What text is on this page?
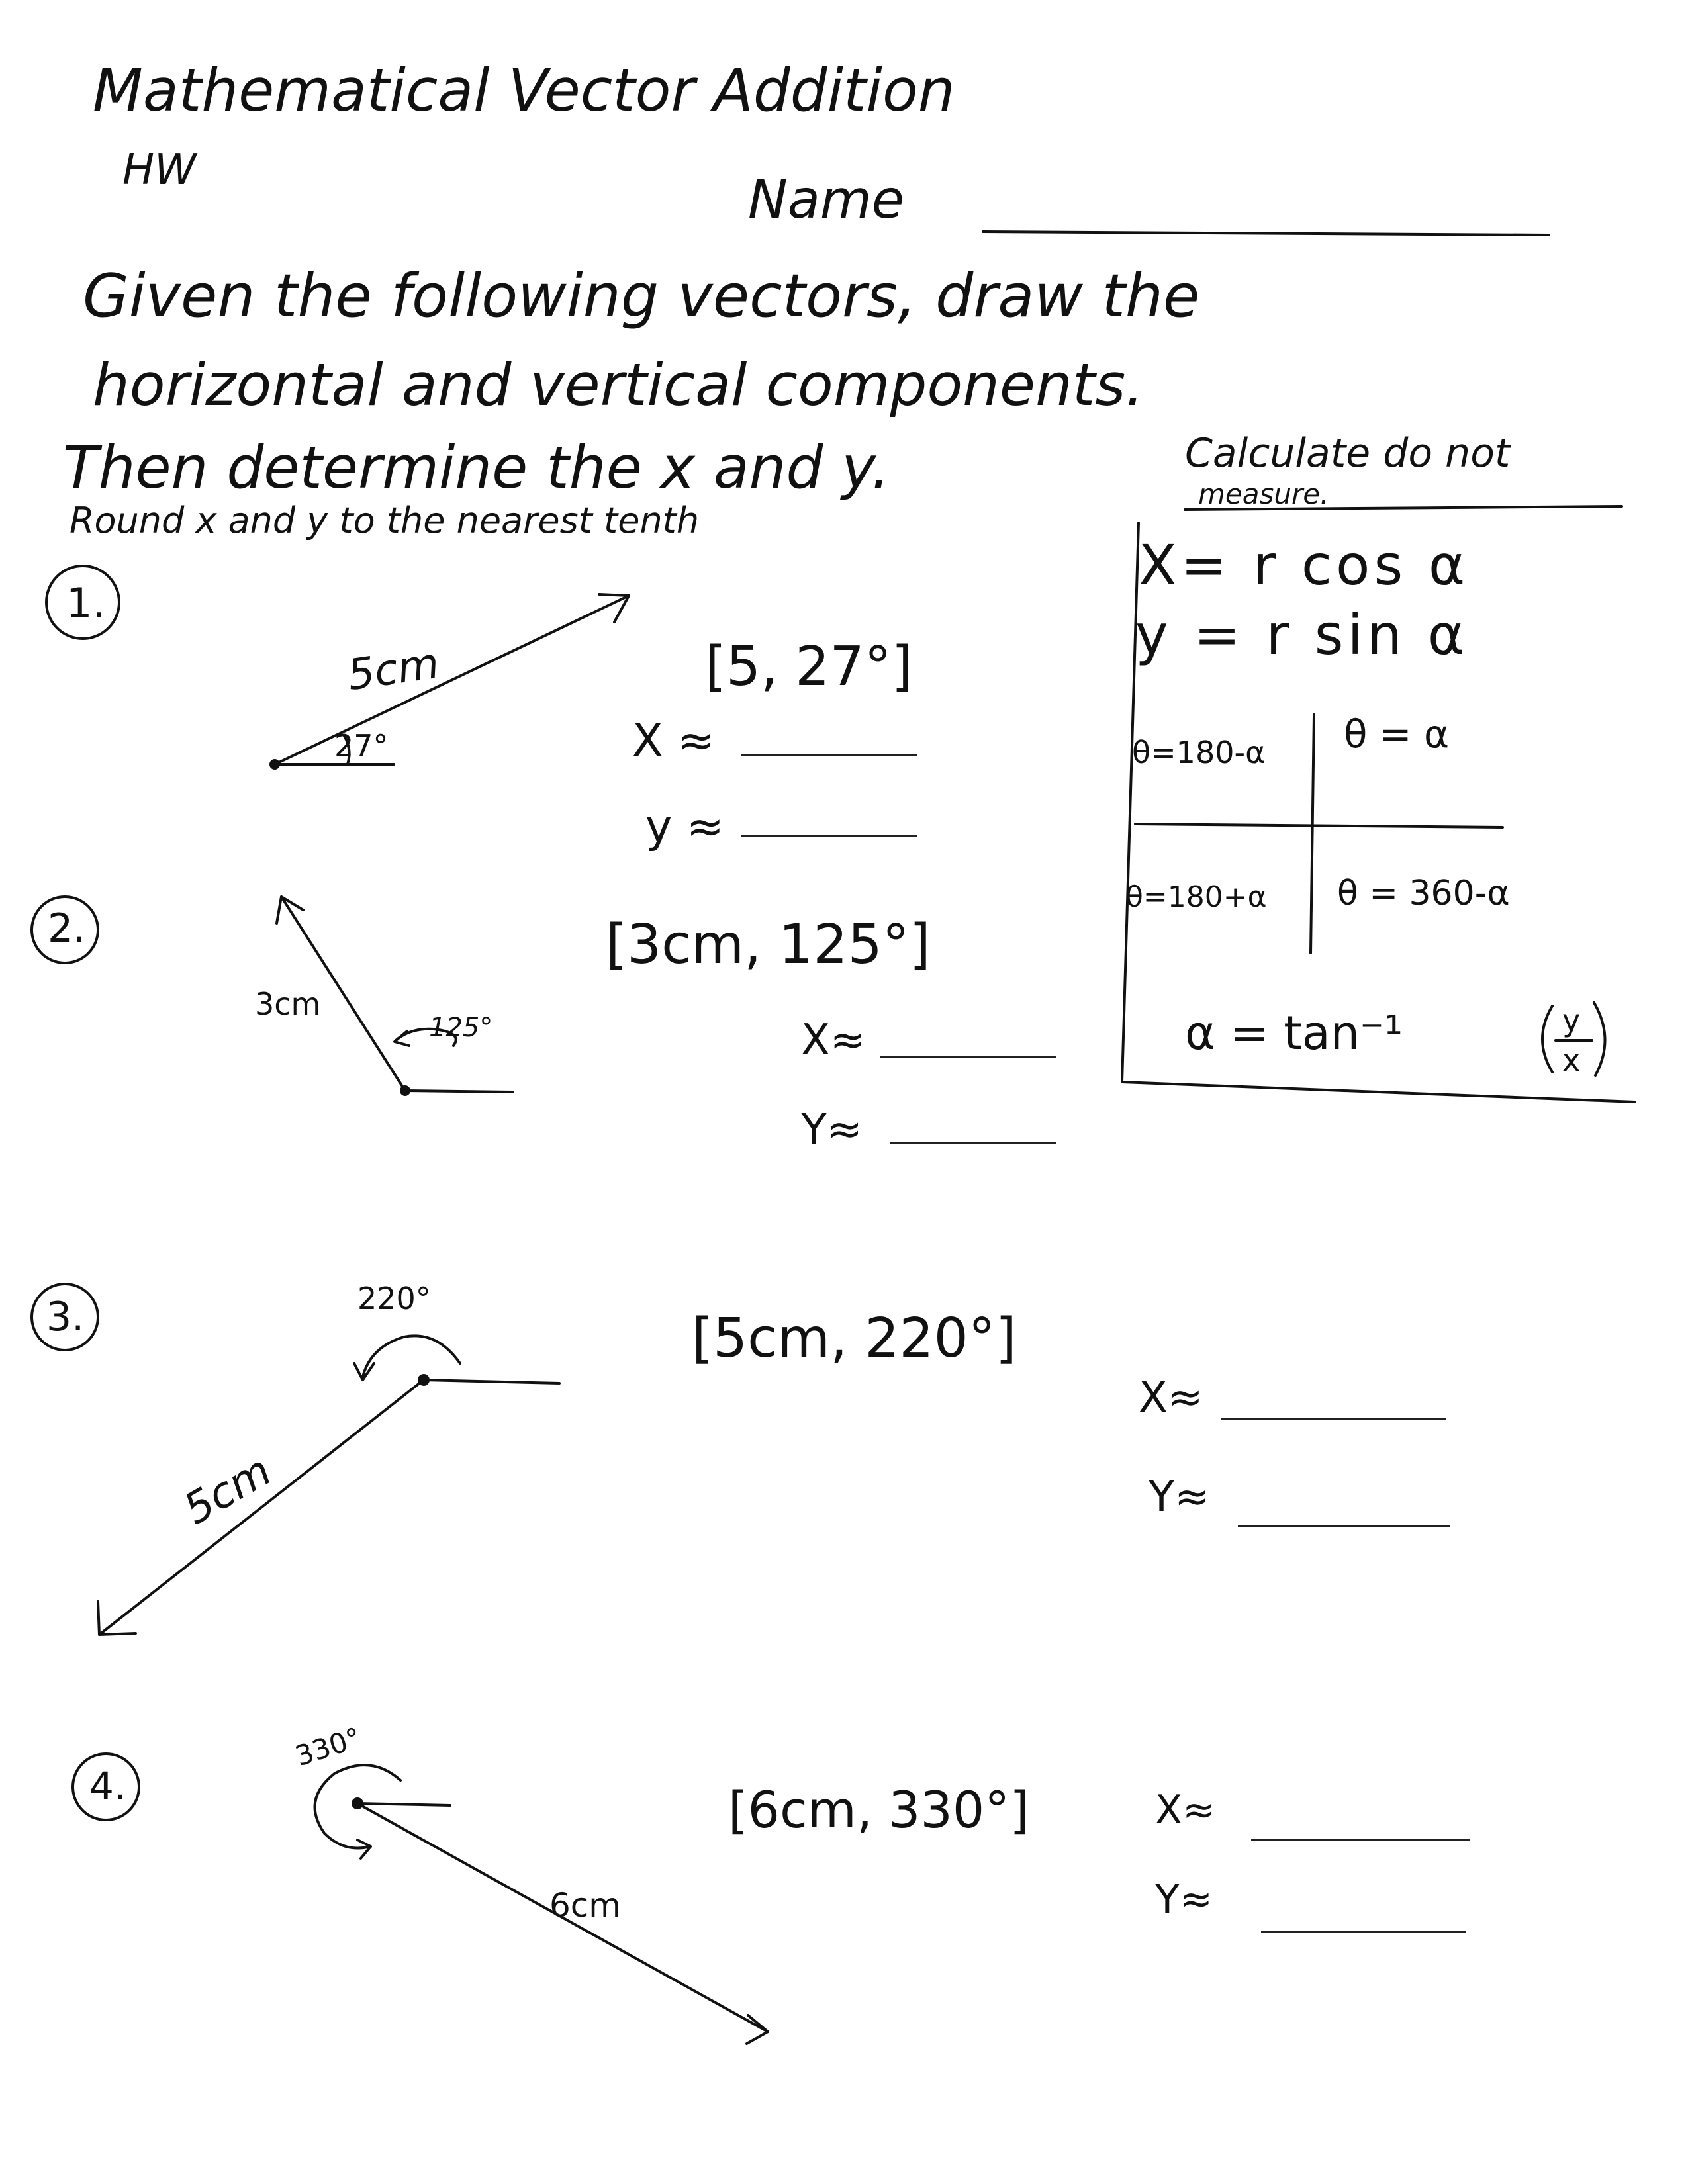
Mathematical Vector Addition
HW	Name
Given the following vectors, draw the
horizontal and vertical components.
Then determine the x and y.	Calculate do not
measure.
Round x and y to the nearest tenth
X= r cos α
y = r sin α
θ=180-α θ = α
θ=180+α θ = 360-α
α = tan⁻¹	y
x
1.
5cm
27°
[5, 27°]
X ≈
y ≈
2.
3cm
125°
[3cm, 125°]
X≈
Y≈
3.	220°
5cm
[5cm, 220°]
X≈
Y≈
4.
330°
6cm
[6cm, 330°]	X≈
Y≈
